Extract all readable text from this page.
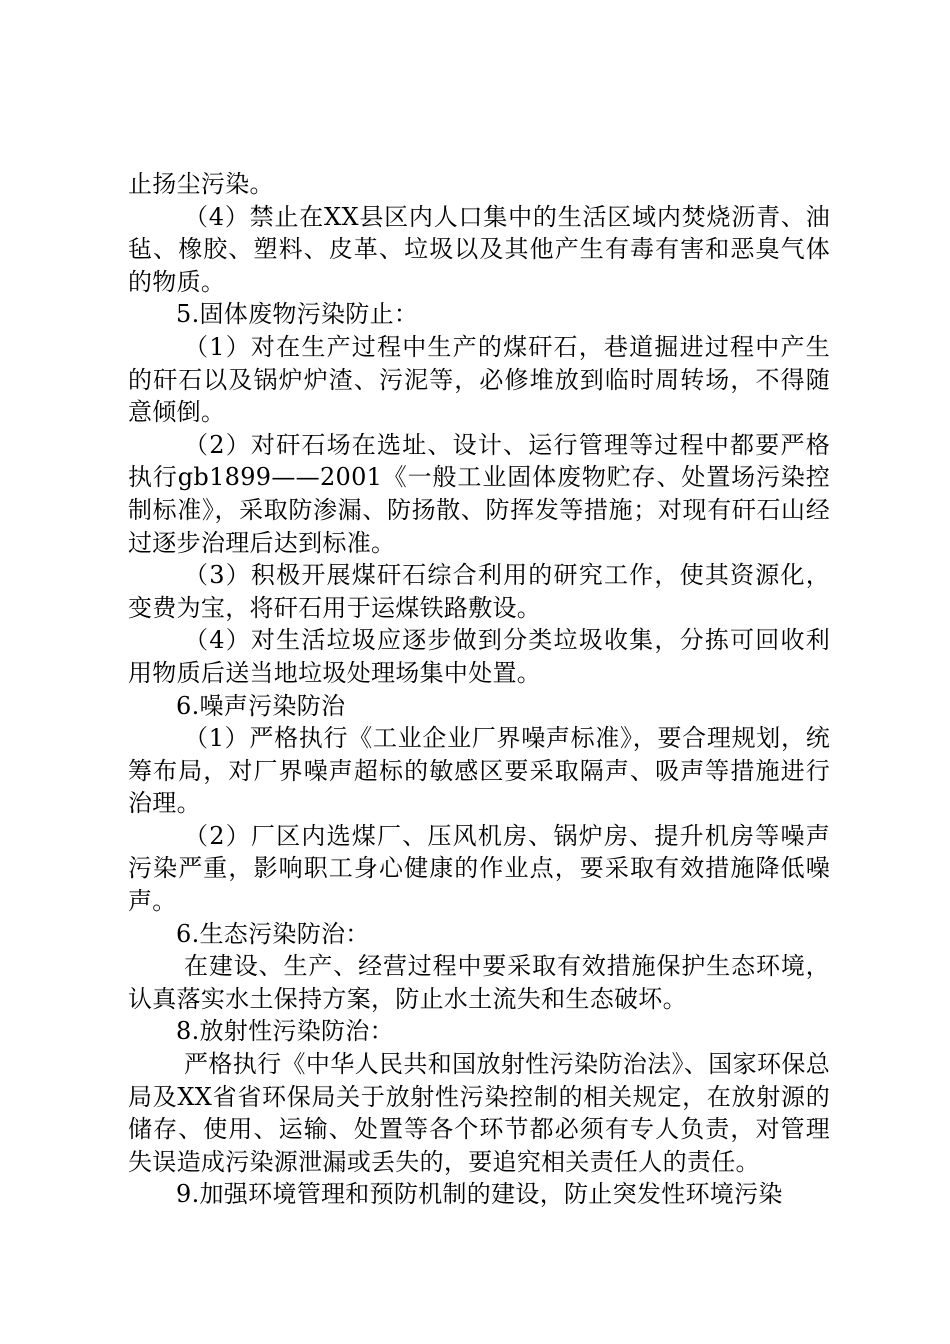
止扬尘污染。

（4）禁止在XX县区内人口集中的生活区域内焚烧沥青、油毡、橡胶、塑料、皮革、垃圾以及其他产生有毒有害和恶臭气体的物质。

5.固体废物污染防止：

（1）对在生产过程中生产的煤矸石，巷道掘进过程中产生的矸石以及锅炉炉渣、污泥等，必修堆放到临时周转场，不得随意倾倒。

（2）对矸石场在选址、设计、运行管理等过程中都要严格执行gb1899——2001《一般工业固体废物贮存、处置场污染控制标准》，采取防渗漏、防扬散、防挥发等措施；对现有矸石山经过逐步治理后达到标准。

（3）积极开展煤矸石综合利用的研究工作，使其资源化，变费为宝，将矸石用于运煤铁路敷设。

（4）对生活垃圾应逐步做到分类垃圾收集，分拣可回收利用物质后送当地垃圾处理场集中处置。

6.噪声污染防治

（1）严格执行《工业企业厂界噪声标准》，要合理规划，统筹布局，对厂界噪声超标的敏感区要采取隔声、吸声等措施进行治理。

（2）厂区内选煤厂、压风机房、锅炉房、提升机房等噪声污染严重，影响职工身心健康的作业点，要采取有效措施降低噪声。

6.生态污染防治：

在建设、生产、经营过程中要采取有效措施保护生态环境，认真落实水土保持方案，防止水土流失和生态破坏。

8.放射性污染防治：

严格执行《中华人民共和国放射性污染防治法》、国家环保总局及XX省省环保局关于放射性污染控制的相关规定，在放射源的储存、使用、运输、处置等各个环节都必须有专人负责，对管理失误造成污染源泄漏或丢失的，要追究相关责任人的责任。

9.加强环境管理和预防机制的建设，防止突发性环境污染
